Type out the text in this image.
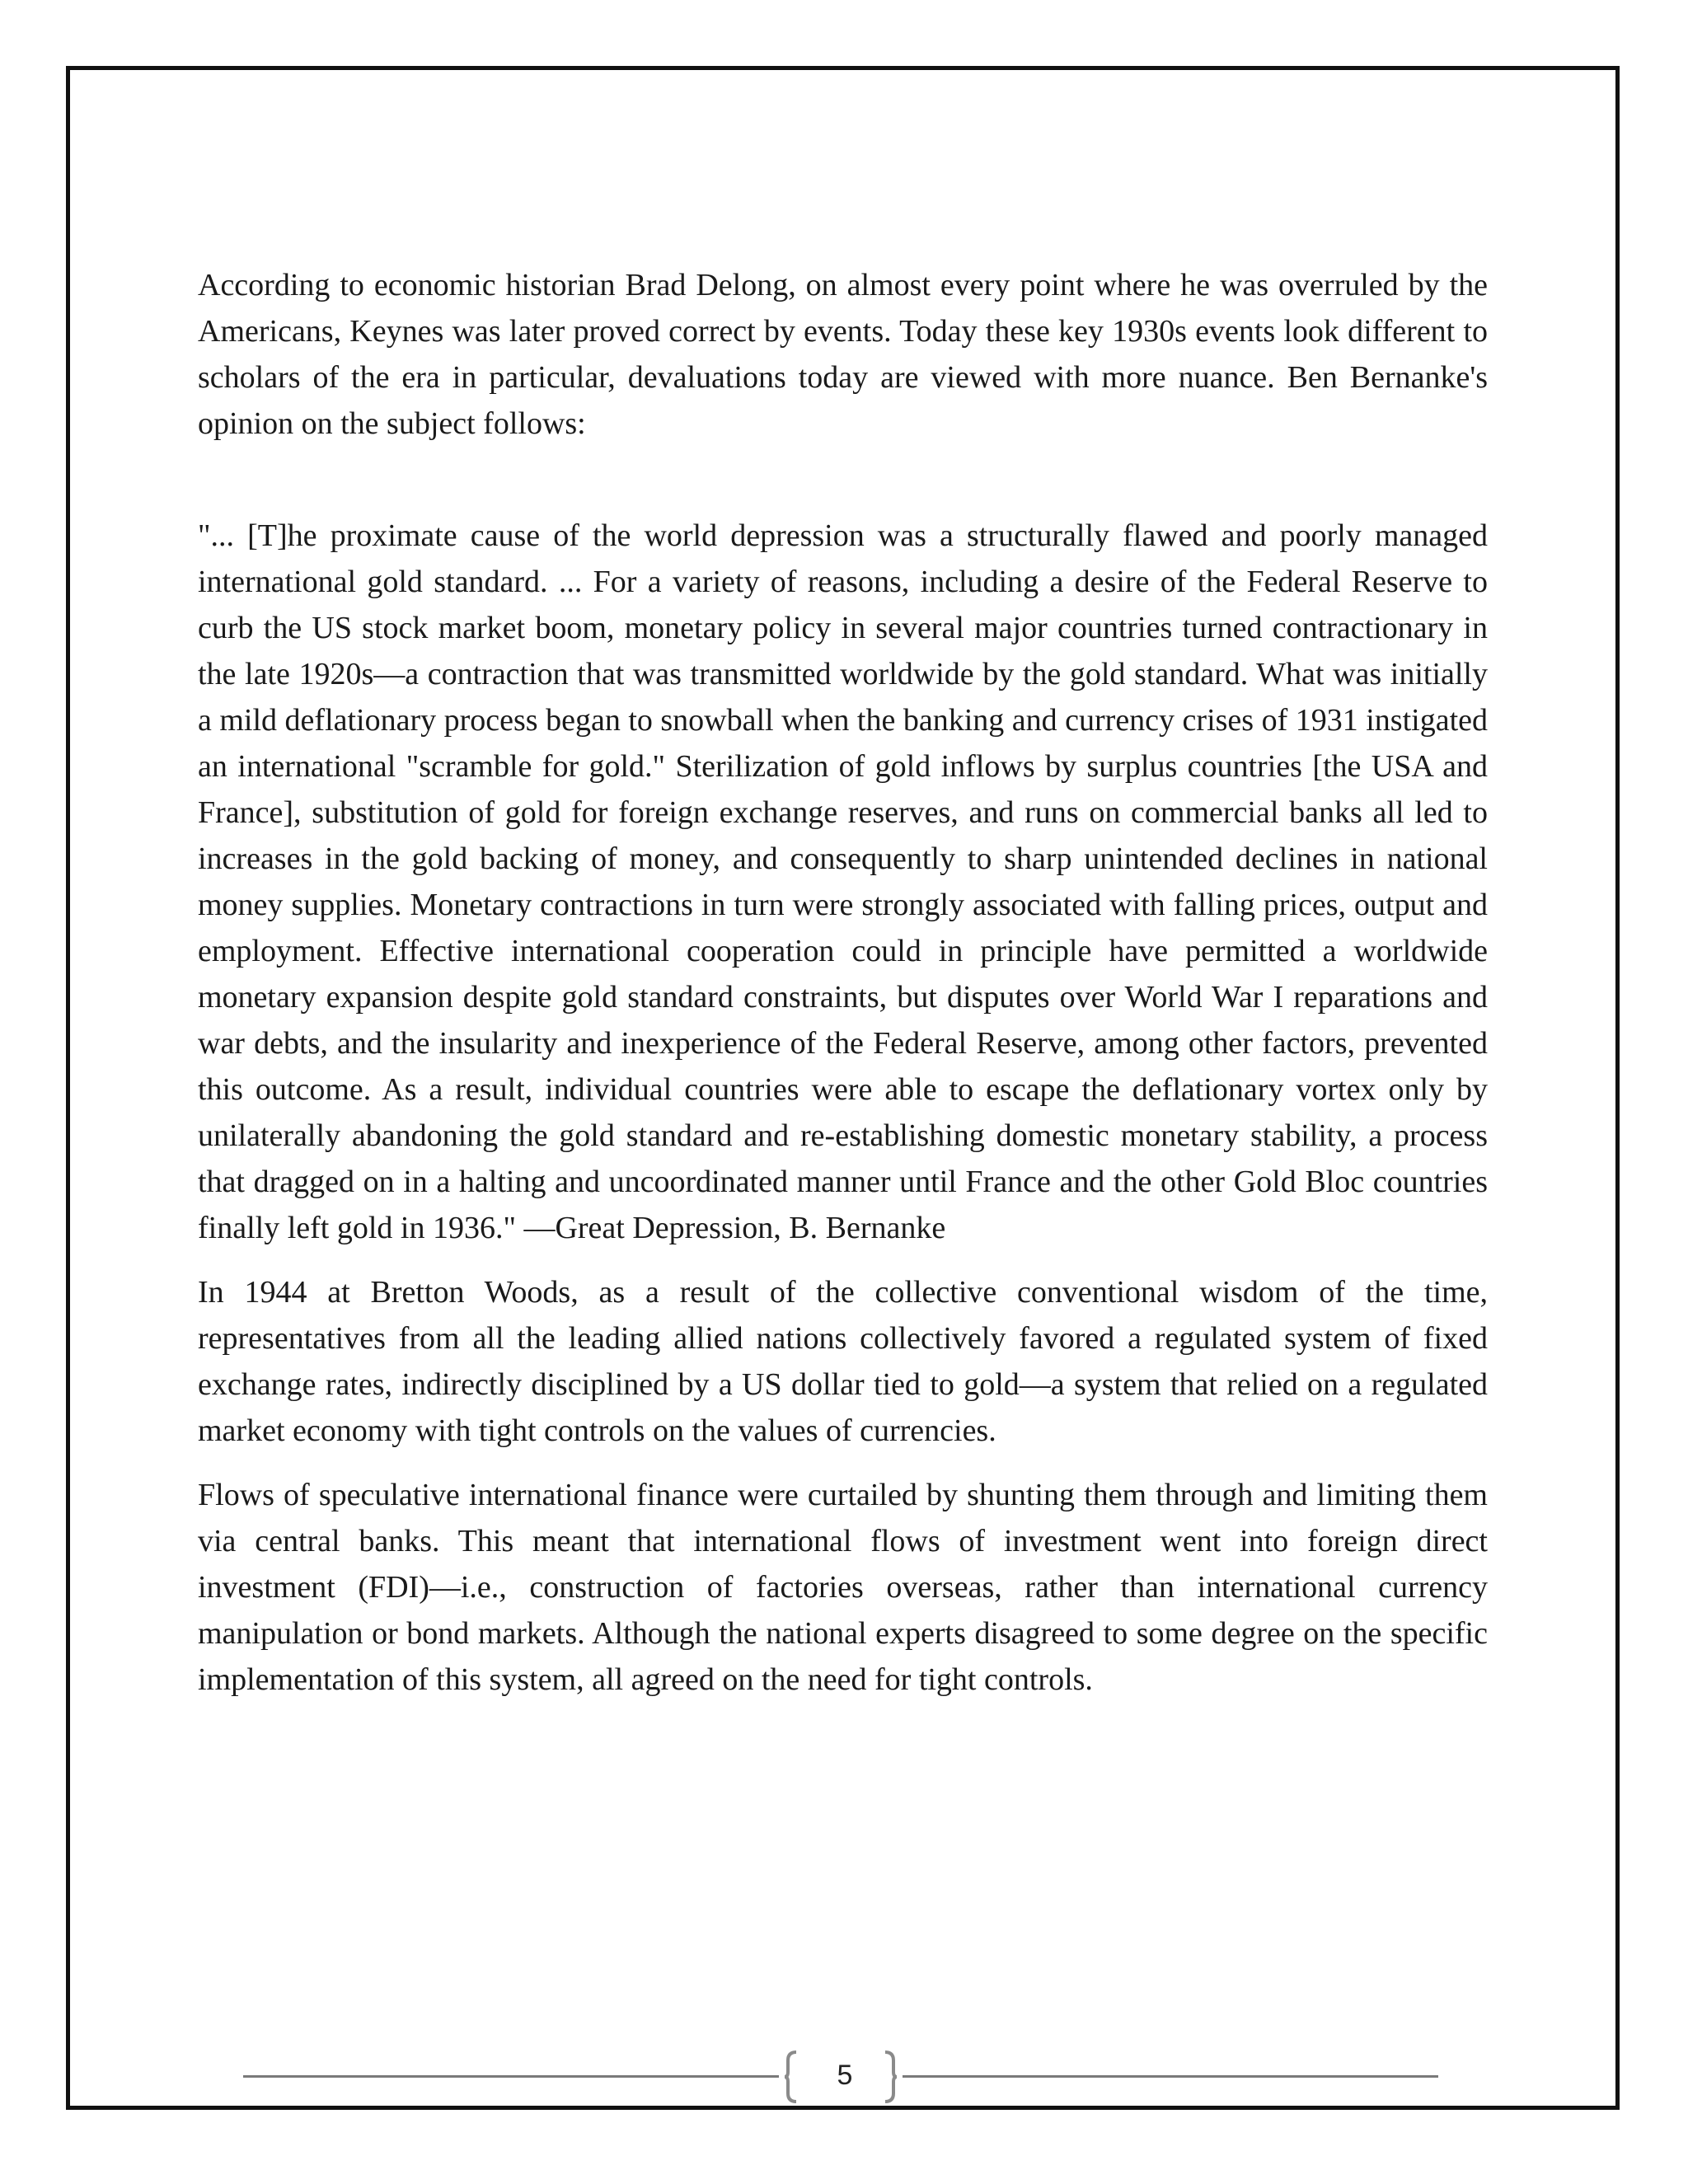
According to economic historian Brad Delong, on almost every point where he was overruled by the Americans, Keynes was later proved correct by events. Today these key 1930s events look different to scholars of the era in particular, devaluations today are viewed with more nuance. Ben Bernanke's opinion on the subject follows:

"... [T]he proximate cause of the world depression was a structurally flawed and poorly managed international gold standard. ... For a variety of reasons, including a desire of the Federal Reserve to curb the US stock market boom, monetary policy in several major countries turned contractionary in the late 1920s—a contraction that was transmitted worldwide by the gold standard. What was initially a mild deflationary process began to snowball when the banking and currency crises of 1931 instigated an international "scramble for gold." Sterilization of gold inflows by surplus countries [the USA and France], substitution of gold for foreign exchange reserves, and runs on commercial banks all led to increases in the gold backing of money, and consequently to sharp unintended declines in national money supplies. Monetary contractions in turn were strongly associated with falling prices, output and employment. Effective international cooperation could in principle have permitted a worldwide monetary expansion despite gold standard constraints, but disputes over World War I reparations and war debts, and the insularity and inexperience of the Federal Reserve, among other factors, prevented this outcome. As a result, individual countries were able to escape the deflationary vortex only by unilaterally abandoning the gold standard and re-establishing domestic monetary stability, a process that dragged on in a halting and uncoordinated manner until France and the other Gold Bloc countries finally left gold in 1936." —Great Depression, B. Bernanke

In 1944 at Bretton Woods, as a result of the collective conventional wisdom of the time, representatives from all the leading allied nations collectively favored a regulated system of fixed exchange rates, indirectly disciplined by a US dollar tied to gold—a system that relied on a regulated market economy with tight controls on the values of currencies.

Flows of speculative international finance were curtailed by shunting them through and limiting them via central banks. This meant that international flows of investment went into foreign direct investment (FDI)—i.e., construction of factories overseas, rather than international currency manipulation or bond markets. Although the national experts disagreed to some degree on the specific implementation of this system, all agreed on the need for tight controls.

5
